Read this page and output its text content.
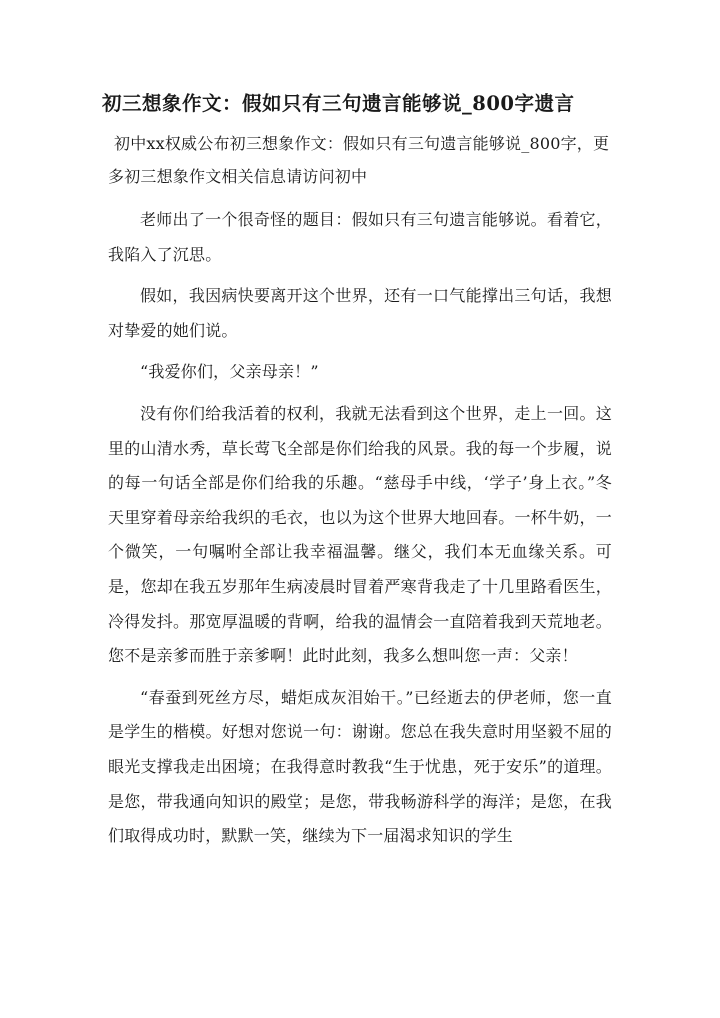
初三想象作文：假如只有三句遗言能够说_800字遗言

初中xx权威公布初三想象作文：假如只有三句遗言能够说_800字，更多初三想象作文相关信息请访问初中

老师出了一个很奇怪的题目：假如只有三句遗言能够说。看着它，我陷入了沉思。

假如，我因病快要离开这个世界，还有一口气能撑出三句话，我想对挚爱的她们说。

“我爱你们，父亲母亲！”

没有你们给我活着的权利，我就无法看到这个世界，走上一回。这里的山清水秀，草长莺飞全部是你们给我的风景。我的每一个步履，说的每一句话全部是你们给我的乐趣。“慈母手中线，‘学子’身上衣。”冬天里穿着母亲给我织的毛衣，也以为这个世界大地回春。一杯牛奶，一个微笑，一句嘱咐全部让我幸福温馨。继父，我们本无血缘关系。可是，您却在我五岁那年生病凌晨时冒着严寒背我走了十几里路看医生，冷得发抖。那宽厚温暖的背啊，给我的温情会一直陪着我到天荒地老。您不是亲爹而胜于亲爹啊！此时此刻，我多么想叫您一声：父亲！

“春蚕到死丝方尽，蜡炬成灰泪始干。”已经逝去的伊老师，您一直是学生的楷模。好想对您说一句：谢谢。您总在我失意时用坚毅不屈的眼光支撑我走出困境；在我得意时教我“生于忧患，死于安乐”的道理。是您，带我通向知识的殿堂；是您，带我畅游科学的海洋；是您，在我们取得成功时，默默一笑，继续为下一届渴求知识的学生
